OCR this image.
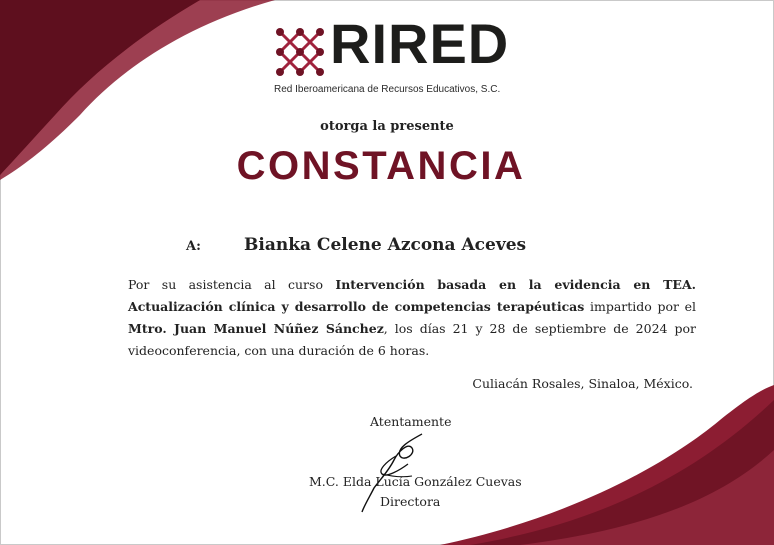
RIRED
Red Iberoamericana de Recursos Educativos, S.C.
otorga la presente
CONSTANCIA
A:	Bianka Celene Azcona Aceves
Por su asistencia al curso Intervención basada en la evidencia en TEA. Actualización clínica y desarrollo de competencias terapéuticas impartido por el Mtro. Juan Manuel Núñez Sánchez, los días 21 y 28 de septiembre de 2024 por videoconferencia, con una duración de 6 horas.
Culiacán Rosales, Sinaloa, México.
Atentamente
M.C. Elda Lucía González Cuevas
Directora
